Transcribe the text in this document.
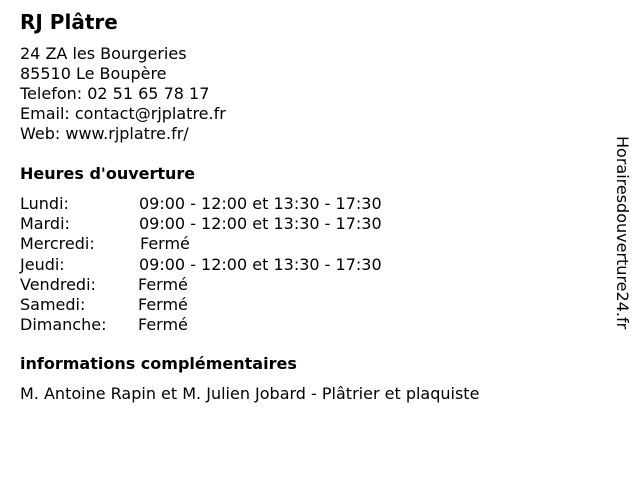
RJ Plâtre
24 ZA les Bourgeries
85510 Le Boupère
Telefon: 02 51 65 78 17
Email: contact@rjplatre.fr
Web: www.rjplatre.fr/
Heures d'ouverture
Lundi:	09:00 - 12:00 et 13:30 - 17:30
Mardi:	09:00 - 12:00 et 13:30 - 17:30
Mercredi:	Fermé
Jeudi:	09:00 - 12:00 et 13:30 - 17:30
Vendredi:	Fermé
Samedi:	Fermé
Dimanche:	Fermé
informations complémentaires
M. Antoine Rapin et M. Julien Jobard - Plâtrier et plaquiste
Horairesdouverture24.fr
